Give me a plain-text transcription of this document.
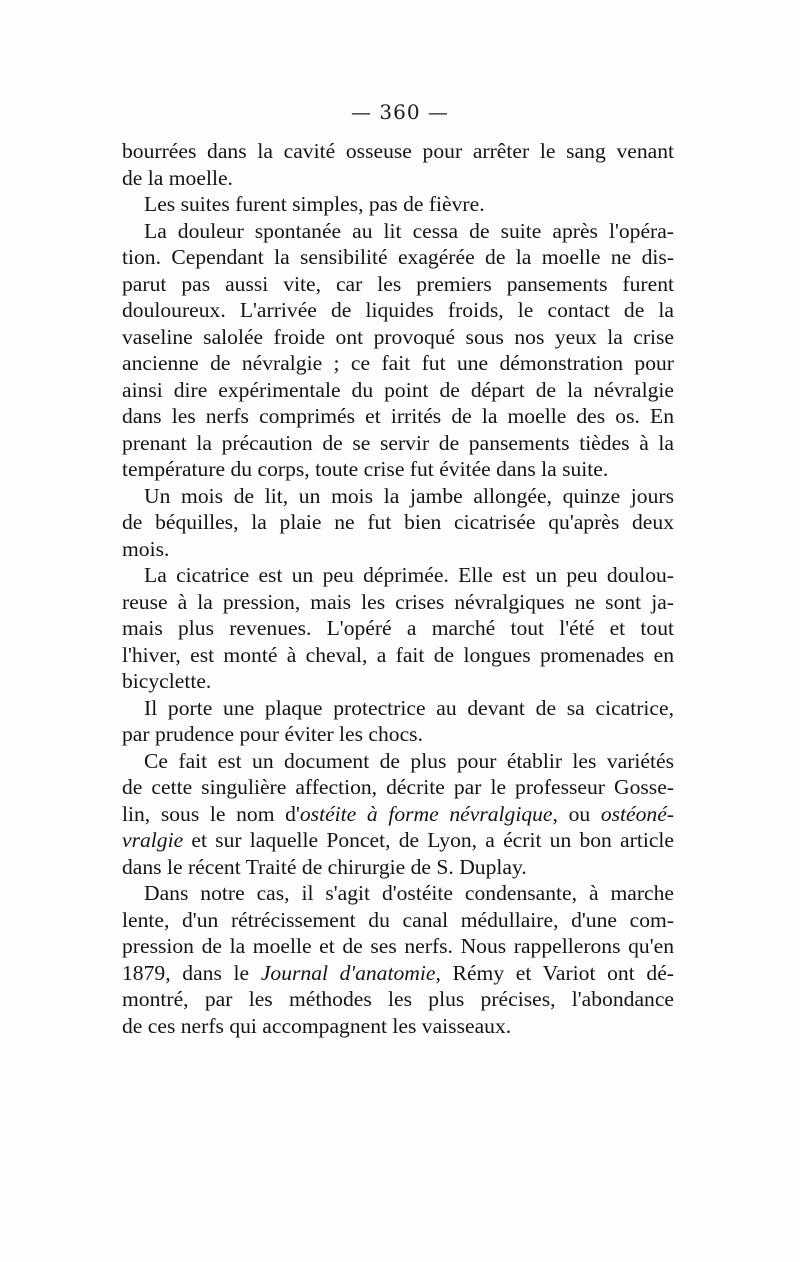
— 360 —

bourrées dans la cavité osseuse pour arrêter le sang venant
de la moelle.

Les suites furent simples, pas de fièvre.

La douleur spontanée au lit cessa de suite après l'opéra-
tion. Cependant la sensibilité exagérée de la moelle ne dis-
parut pas aussi vite, car les premiers pansements furent
douloureux. L'arrivée de liquides froids, le contact de la
vaseline salolée froide ont provoqué sous nos yeux la crise
ancienne de névralgie ; ce fait fut une démonstration pour
ainsi dire expérimentale du point de départ de la névralgie
dans les nerfs comprimés et irrités de la moelle des os. En
prenant la précaution de se servir de pansements tièdes à la
température du corps, toute crise fut évitée dans la suite.

Un mois de lit, un mois la jambe allongée, quinze jours
de béquilles, la plaie ne fut bien cicatrisée qu'après deux
mois.

La cicatrice est un peu déprimée. Elle est un peu doulou-
reuse à la pression, mais les crises névralgiques ne sont ja-
mais plus revenues. L'opéré a marché tout l'été et tout
l'hiver, est monté à cheval, a fait de longues promenades en
bicyclette.

Il porte une plaque protectrice au devant de sa cicatrice,
par prudence pour éviter les chocs.

Ce fait est un document de plus pour établir les variétés
de cette singulière affection, décrite par le professeur Gosse-
lin, sous le nom d'ostéite à forme névralgique, ou ostéoné-
vralgie et sur laquelle Poncet, de Lyon, a écrit un bon article
dans le récent Traité de chirurgie de S. Duplay.

Dans notre cas, il s'agit d'ostéite condensante, à marche
lente, d'un rétrécissement du canal médullaire, d'une com-
pression de la moelle et de ses nerfs. Nous rappellerons qu'en
1879, dans le Journal d'anatomie, Rémy et Variot ont dé-
montré, par les méthodes les plus précises, l'abondance
de ces nerfs qui accompagnent les vaisseaux.
